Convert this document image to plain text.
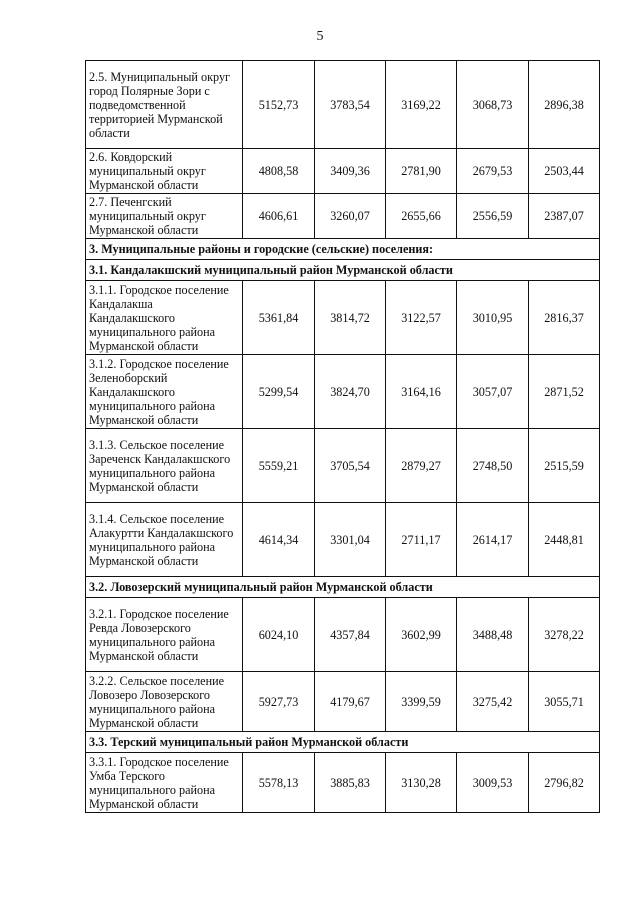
5
2.5. Муниципальный округ город Полярные Зори с подведомственной территорией Мурманской области	5152,73	3783,54	3169,22	3068,73	2896,38
2.6. Ковдорский муниципальный округ Мурманской области	4808,58	3409,36	2781,90	2679,53	2503,44
2.7. Печенгский муниципальный округ Мурманской области	4606,61	3260,07	2655,66	2556,59	2387,07
3. Муниципальные районы и городские (сельские) поселения:					
3.1. Кандалакшский муниципальный район Мурманской области					
3.1.1. Городское поселение Кандалакша Кандалакшского муниципального района Мурманской области	5361,84	3814,72	3122,57	3010,95	2816,37
3.1.2. Городское поселение Зеленоборский Кандалакшского муниципального района Мурманской области	5299,54	3824,70	3164,16	3057,07	2871,52
3.1.3. Сельское поселение Зареченск Кандалакшского муниципального района Мурманской области	5559,21	3705,54	2879,27	2748,50	2515,59
3.1.4. Сельское поселение Алакуртти Кандалакшского муниципального района Мурманской области	4614,34	3301,04	2711,17	2614,17	2448,81
3.2. Ловозерский муниципальный район Мурманской области					
3.2.1. Городское поселение Ревда Ловозерского муниципального района Мурманской области	6024,10	4357,84	3602,99	3488,48	3278,22
3.2.2. Сельское поселение Ловозеро Ловозерского муниципального района Мурманской области	5927,73	4179,67	3399,59	3275,42	3055,71
3.3. Терский муниципальный район Мурманской области					
3.3.1. Городское поселение Умба Терского муниципального района Мурманской области	5578,13	3885,83	3130,28	3009,53	2796,82
